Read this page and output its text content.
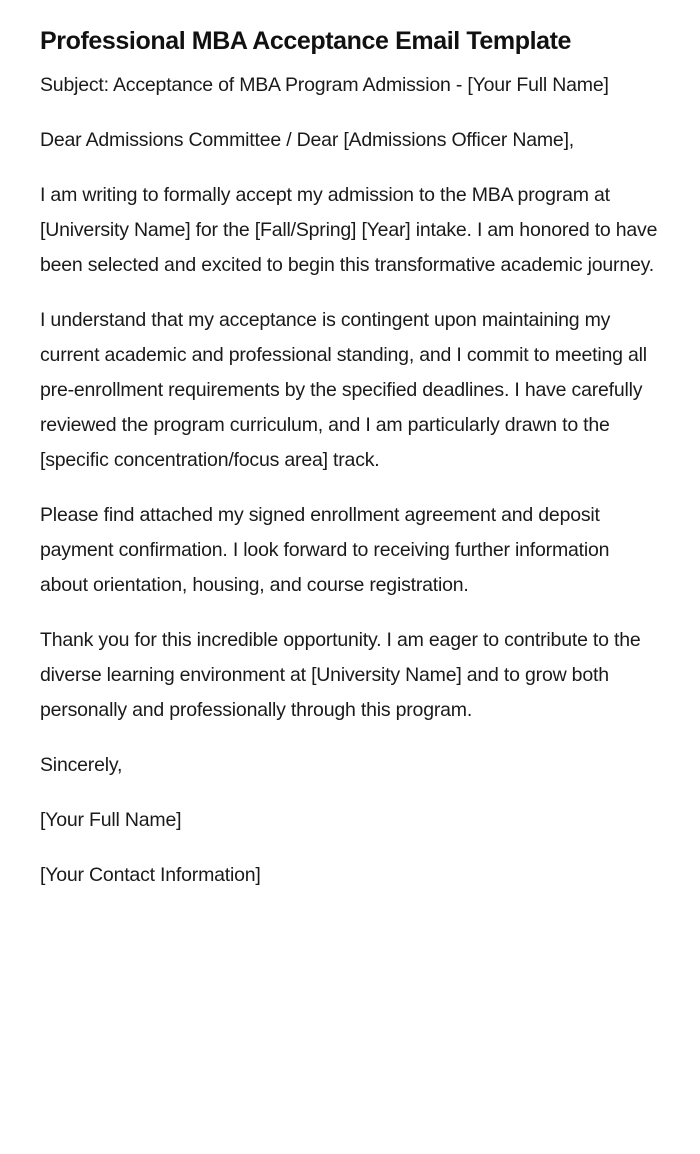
Professional MBA Acceptance Email Template

Subject: Acceptance of MBA Program Admission - [Your Full Name]

Dear Admissions Committee / Dear [Admissions Officer Name],

I am writing to formally accept my admission to the MBA program at [University Name] for the [Fall/Spring] [Year] intake. I am honored to have been selected and excited to begin this transformative academic journey.

I understand that my acceptance is contingent upon maintaining my current academic and professional standing, and I commit to meeting all pre-enrollment requirements by the specified deadlines. I have carefully reviewed the program curriculum, and I am particularly drawn to the [specific concentration/focus area] track.

Please find attached my signed enrollment agreement and deposit payment confirmation. I look forward to receiving further information about orientation, housing, and course registration.

Thank you for this incredible opportunity. I am eager to contribute to the diverse learning environment at [University Name] and to grow both personally and professionally through this program.

Sincerely,

[Your Full Name]

[Your Contact Information]
